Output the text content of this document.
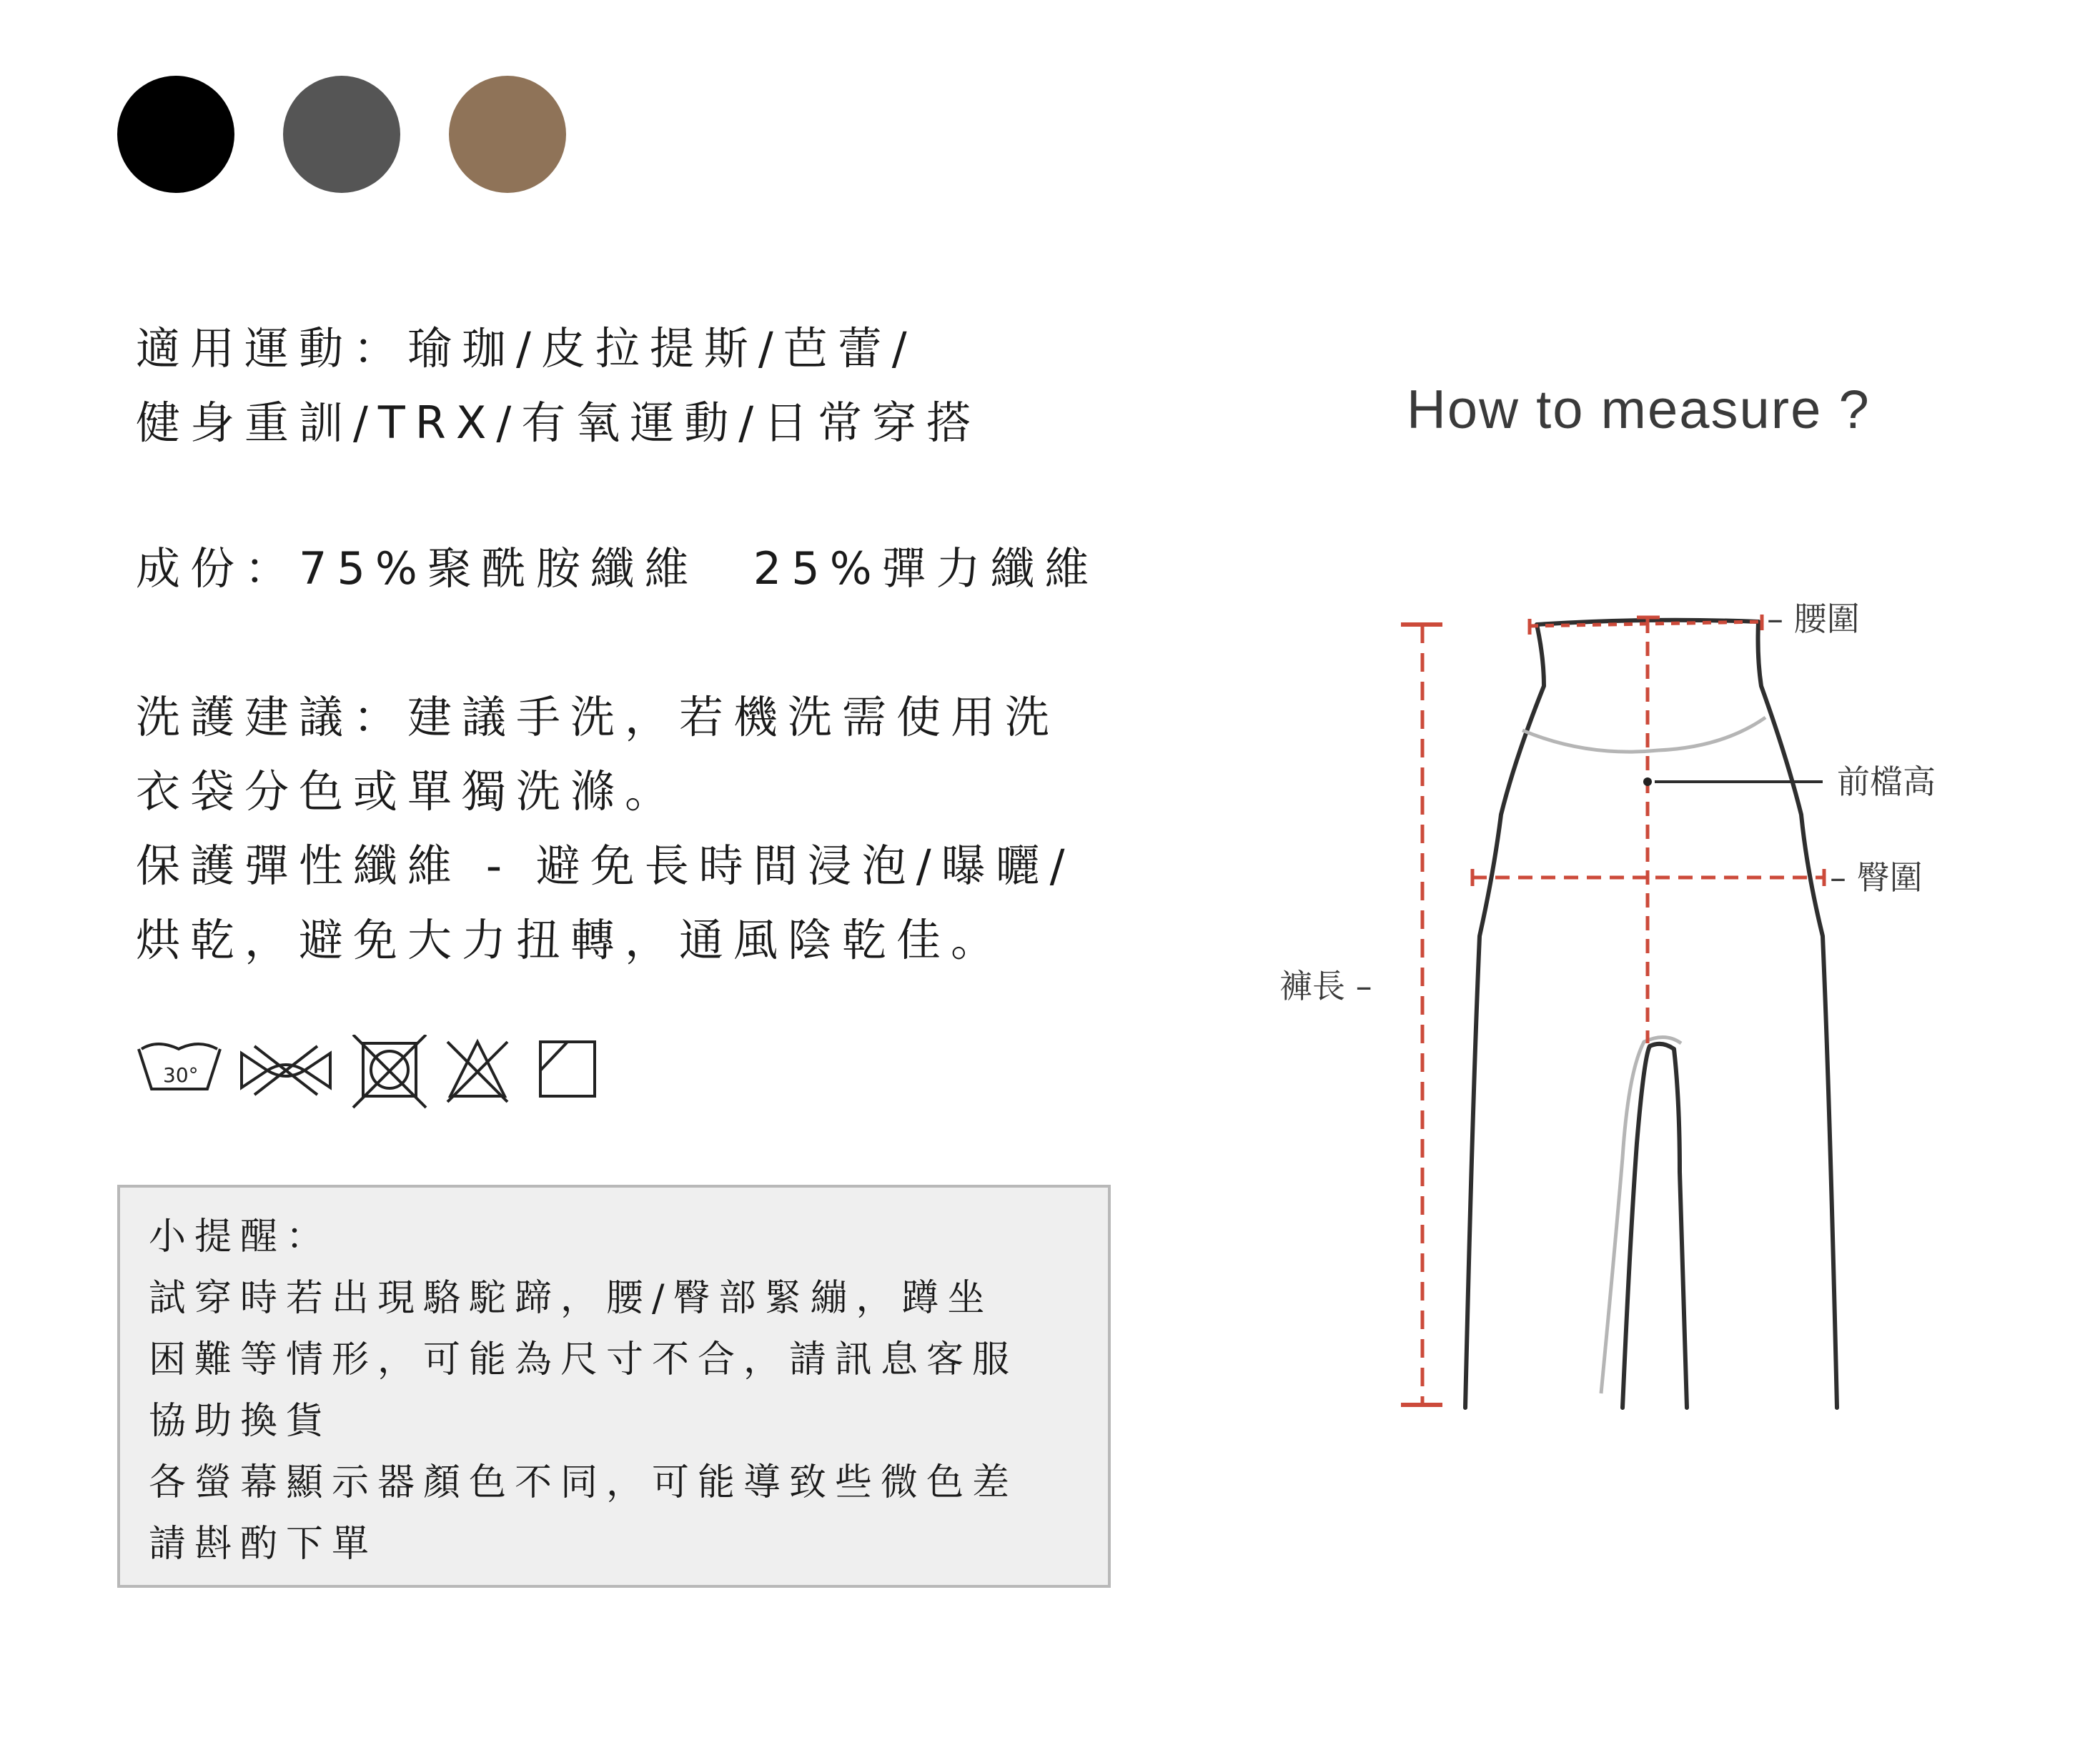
適用運動：瑜珈/皮拉提斯/芭蕾/
健身重訓/TRX/有氧運動/日常穿搭

成份：75%聚酰胺纖維　25%彈力纖維

洗護建議：建議手洗，若機洗需使用洗
衣袋分色或單獨洗滌。
保護彈性纖維 - 避免長時間浸泡/曝曬/
烘乾，避免大力扭轉，通風陰乾佳。

30°
小提醒：
試穿時若出現駱駝蹄，腰/臀部緊繃，蹲坐
困難等情形，可能為尺寸不合，請訊息客服
協助換貨
各螢幕顯示器顏色不同，可能導致些微色差
請斟酌下單

How to measure ?

– 腰圍
前檔高
– 臀圍
褲長 –
